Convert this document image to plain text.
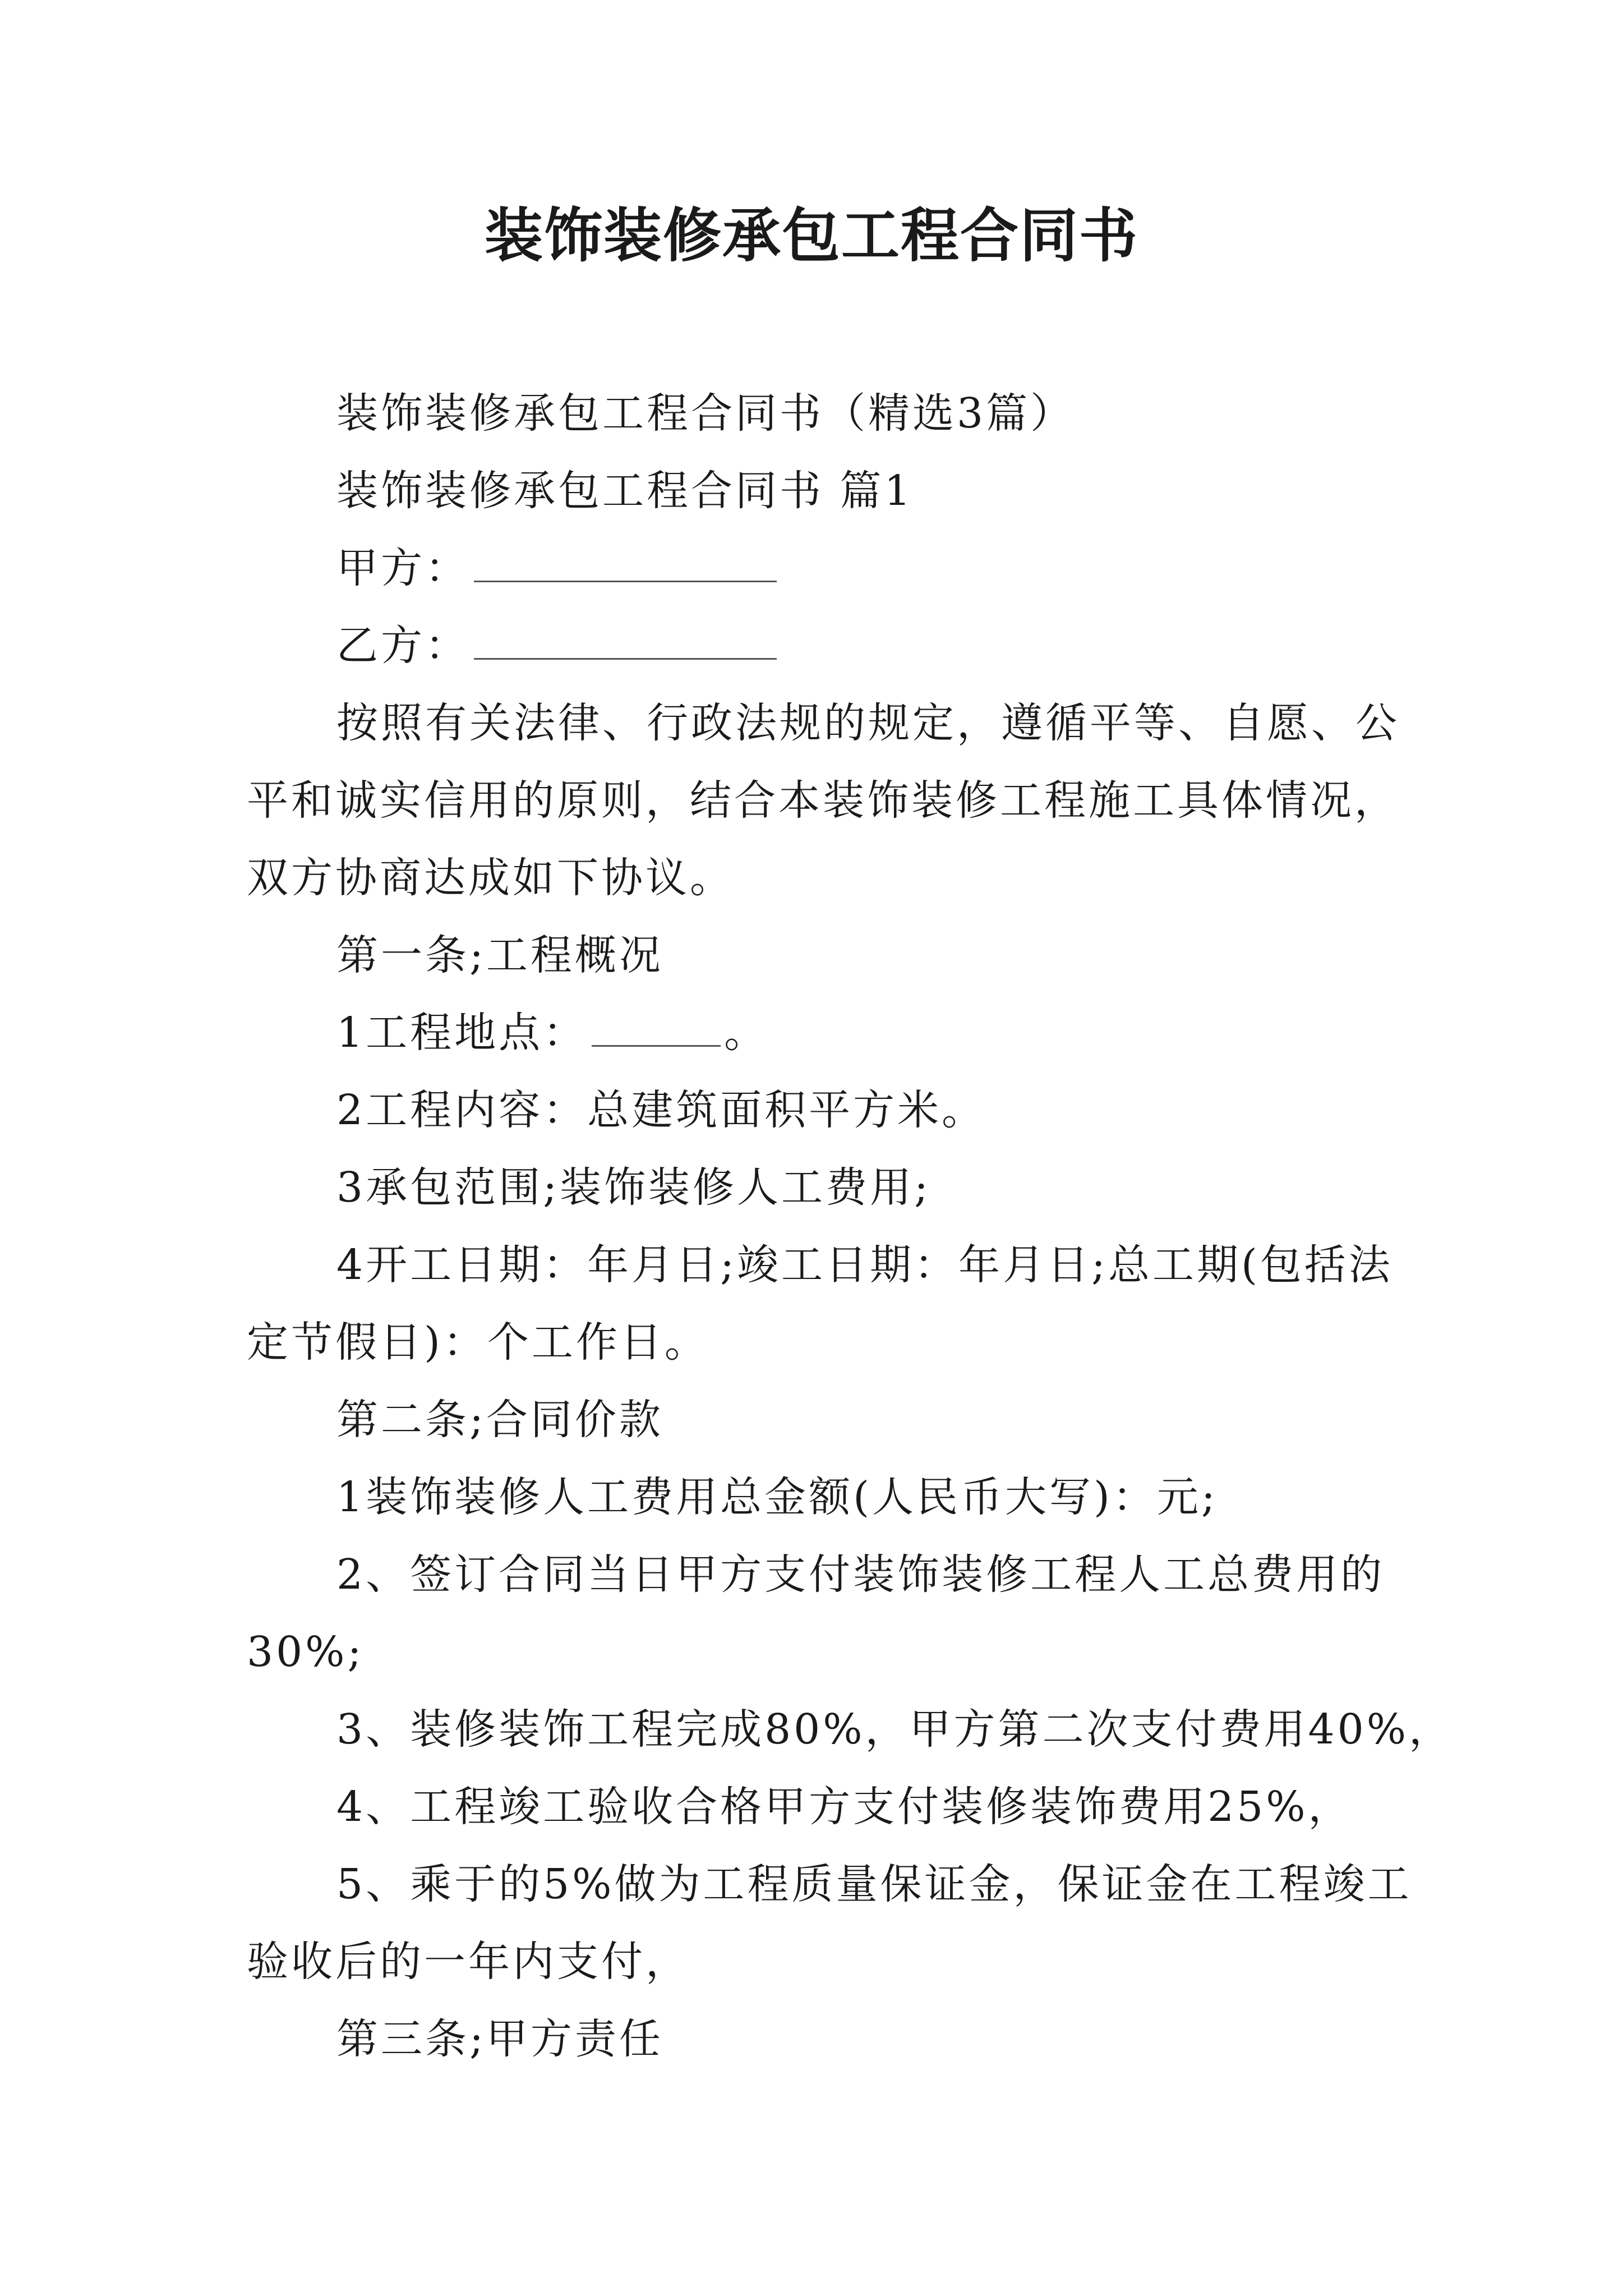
装饰装修承包工程合同书
装饰装修承包工程合同书（精选3篇）
装饰装修承包工程合同书 篇1
甲方：
乙方：
按照有关法律、行政法规的规定，遵循平等、自愿、公
平和诚实信用的原则，结合本装饰装修工程施工具体情况，
双方协商达成如下协议。
第一条;工程概况
1工程地点：	。
2工程内容：总建筑面积平方米。
3承包范围;装饰装修人工费用;
4开工日期：年月日;竣工日期：年月日;总工期(包括法
定节假日)：个工作日。
第二条;合同价款
1装饰装修人工费用总金额(人民币大写)：元;
2、签订合同当日甲方支付装饰装修工程人工总费用的
30%;
3、装修装饰工程完成80%，甲方第二次支付费用40%，
4、工程竣工验收合格甲方支付装修装饰费用25%，
5、乘于的5%做为工程质量保证金，保证金在工程竣工
验收后的一年内支付，
第三条;甲方责任
